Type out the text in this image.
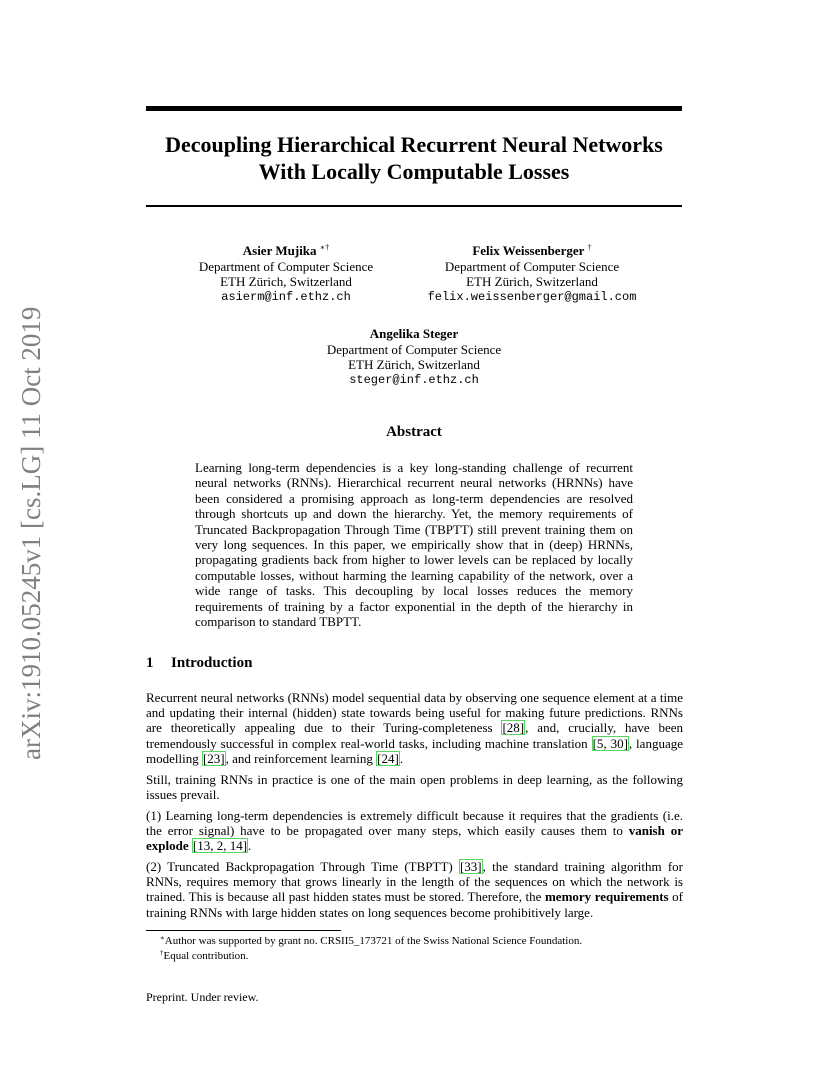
arXiv:1910.05245v1 [cs.LG] 11 Oct 2019
Decoupling Hierarchical Recurrent Neural Networks
With Locally Computable Losses
Asier Mujika ∗†
Department of Computer Science
ETH Zürich, Switzerland
asierm@inf.ethz.ch
Felix Weissenberger †
Department of Computer Science
ETH Zürich, Switzerland
felix.weissenberger@gmail.com
Angelika Steger
Department of Computer Science
ETH Zürich, Switzerland
steger@inf.ethz.ch
Abstract
Learning long-term dependencies is a key long-standing challenge of recurrent neural networks (RNNs). Hierarchical recurrent neural networks (HRNNs) have been considered a promising approach as long-term dependencies are resolved through shortcuts up and down the hierarchy. Yet, the memory requirements of Truncated Backpropagation Through Time (TBPTT) still prevent training them on very long sequences. In this paper, we empirically show that in (deep) HRNNs, propagating gradients back from higher to lower levels can be replaced by locally computable losses, without harming the learning capability of the network, over a wide range of tasks. This decoupling by local losses reduces the memory requirements of training by a factor exponential in the depth of the hierarchy in comparison to standard TBPTT.
1 Introduction
Recurrent neural networks (RNNs) model sequential data by observing one sequence element at a time and updating their internal (hidden) state towards being useful for making future predictions. RNNs are theoretically appealing due to their Turing-completeness [28], and, crucially, have been tremendously successful in complex real-world tasks, including machine translation [5, 30], language modelling [23], and reinforcement learning [24].
Still, training RNNs in practice is one of the main open problems in deep learning, as the following issues prevail.
(1) Learning long-term dependencies is extremely difficult because it requires that the gradients (i.e. the error signal) have to be propagated over many steps, which easily causes them to vanish or explode [13, 2, 14].
(2) Truncated Backpropagation Through Time (TBPTT) [33], the standard training algorithm for RNNs, requires memory that grows linearly in the length of the sequences on which the network is trained. This is because all past hidden states must be stored. Therefore, the memory requirements of training RNNs with large hidden states on long sequences become prohibitively large.
∗Author was supported by grant no. CRSII5_173721 of the Swiss National Science Foundation.
†Equal contribution.
Preprint. Under review.
